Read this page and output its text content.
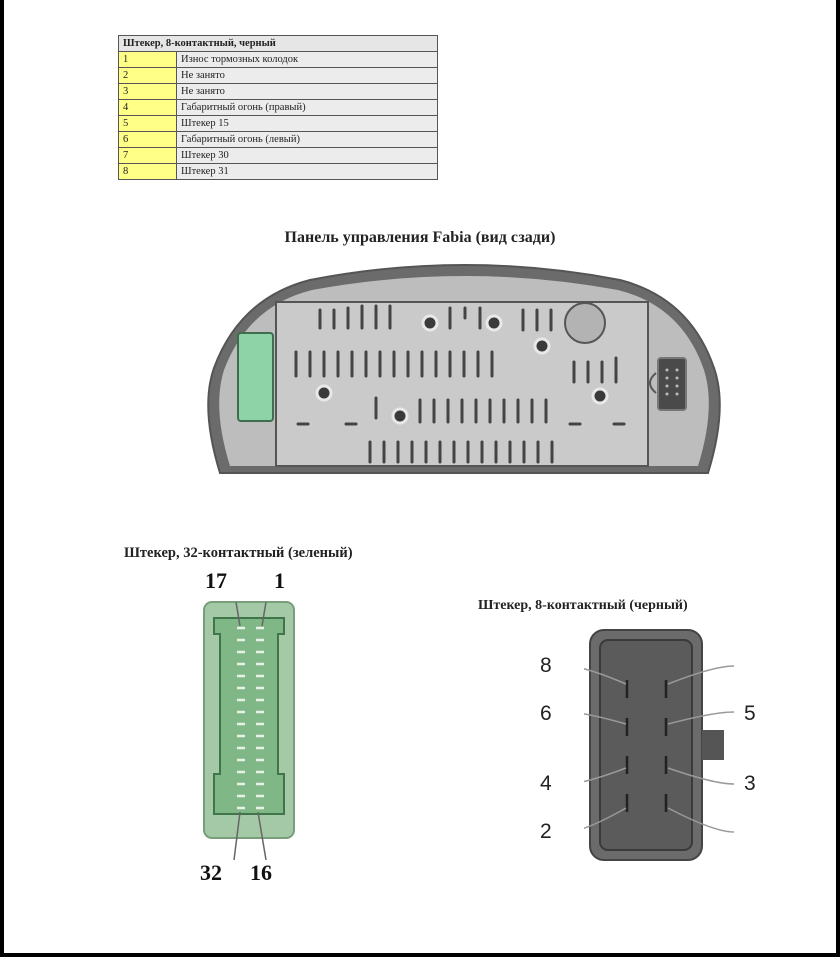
Штекер, 8-контактный, черный	
1	Износ тормозных колодок
2	Не занято
3	Не занято
4	Габаритный огонь (правый)
5	Штекер 15
6	Габаритный огонь (левый)
7	Штекер 30
8	Штекер 31
Панель управления Fabia (вид сзади)
Штекер, 32-контактный (зеленый)
17 1
32 16
Штекер, 8-контактный (черный)
8
6
4
2
5
3
